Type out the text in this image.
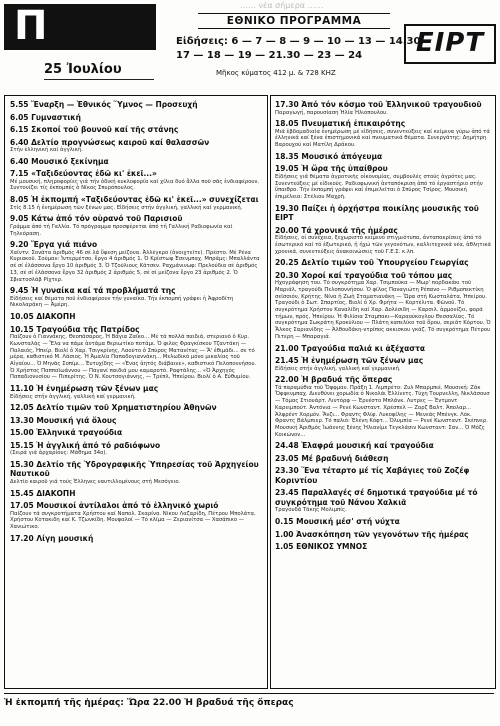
Π
25 Ἰουλίου
…… νέα σήμερα ……
ΕΘΝΙΚΟ ΠΡΟΓΡΑΜΜΑ
Εἰδήσεις: 6 — 7 — 8 — 9 — 10 — 13 — 14.30
17 — 18 — 19 — 21.30 — 23 — 24
Μῆκος κύματος 412 μ. & 728 ΚΗΖ
ΕΙΡΤ
5.55 Ἔναρξη — Ἐθνικός Ὕμνος — Προσευχή
6.05 Γυμναστική
6.15 Σκοποί τοῦ βουνοῦ καί τῆς στάνης
6.40 Δελτίο προγνώσεως καιροῦ καί θαλασσῶν
Στήν ἑλληνική καί ἀγγλική.
6.40 Μουσικό ξεκίνημα
7.15 «Ταξιδεύοντας ἐδῶ κι' ἐκεῖ...»
Μέ μουσική, πληροφορίες γιά τήν ὁδική κυκλοφορία καί χίλια δυό ἄλλα ποῦ σᾶς ἐνδιαφέρουν. Συντονίζει τίς ἐκπομπές ὁ Νίκος Σπυρόπουλος.
8.05 Ἡ ἐκπομπή «Ταξιδεύοντας ἐδῶ κι' ἐκεῖ...» συνεχίζεται
Στίς 8.15 ἡ ἐνημέρωση τῶν ξένων μας. Εἰδήσεις στήν ἀγγλική, γαλλική καί γερμανική.
9.05 Κάτω ἀπό τόν οὐρανό τοῦ Παρισιοῦ
Γράμμα ἀπό τή Γαλλία. Τό πρόγραμμα προσφέρεται ἀπό τή Γαλλική Ραδιοφωνία καί Τηλεόραση.
9.20 Ἔργα γιά πιάνο
Χαϊντν: Σονάτα ἀριθμός 46 σέ λά ὕφεση μείζονα. Ἀλλέγκρο (ἀνοιχτεῖτε). Πρέστο. Μέ Ρένα Κυριακοῦ. Σούμαν: Ἱντερμέτσο, ἔργο 4 ἀριθμός 1. Ὁ Κρίστωφ Ἐσενμπαχ. Μπράμς: Μπαλλάντα σέ σί ἐλάσσονα ἔργο 10 ἀριθμός 3. Ὁ Τζούλιους Κάτσεν. Ραχμάνινωφ: Πρελούδια σέ ἀριθμός 13, σέ σί ἐλάσσονα ἔργο 32 ἀριθμός 2 ἀριθμός 5, σέ σί μείζονα ἔργο 23 ἀριθμός 2. Ὁ Σβιατοσλάβ Ρίχτερ.
9.45 Ἡ γυναίκα καί τά προβλήματά της
Εἰδήσεις καί θέματα ποῦ ἐνδιαφέρουν τήν γυναίκα. Τήν ἐκπομπή γράφει ἡ Ἀφροδίτη Νικολαράκη — Ἀμέρη.
10.05 ΔΙΑΚΟΠΗ
10.15 Τραγούδια τῆς Πατρίδος
Παίζουν ὁ Γιαννάκης, Θεοπάσαρος, Ἡ Βάγια Ζαϊκο... Μέ τά πολλά παιδιά, στεριανό ὁ Κυρ. Κωνσταλάς — Ἔλα να πάμε ἀντάμα θεριωτίκο ποτάμι. Ὁ φιλος Φραγκίσκου Τζαντάκη — Παλαιός, Ἠπείρ. Βιολί ὁ Χαρ. Τσιγκρίνης, Λαούτο ὁ Σπύρος Ματανίτας — Ἄ' ἐθιμάδι... σε τό μέρα, καθιστικό Μ. Λάσιος. Ἡ Ἀμαλία Παπαδογιαννάκη... Μελωδικό μόνο μικαλίας τοῦ Αἰγαίου... Ὁ Μηνᾶς Σοπίμι... Ἐυτυχίδης — «Ἐνας ἀητός διάβαινε», καθιστικό Πελοποννήσου. Ὁ Χρήστος Παππαϊωάννου — Παγανί παιδιά μου καμαροτό. Ραφτάλης... «Ὁ Ἀρχηγός Παπαδιονυσίου — Πιπερίτης. Ὁ Ν. Κουτσογιάννης, — Τρέπλ, Ἡπείρου. Βιολί ὁ Α. Εὐθυμίου.
11.10 Ἡ ἐνημέρωση τῶν ξένων μας
Εἰδήσεις στήν ἀγγλική, γαλλική καί γερμανική.
12.05 Δελτίο τιμῶν τοῦ Χρηματιστηρίου Ἀθηνῶν
13.30 Μουσική γιά ὅλους
15.00 Ἑλληνικά τραγούδια
15.15 Ἡ ἀγγλική ἀπό τό ραδιόφωνο
(Σειρά γιά ἀρχαρίους: Μάθημα 34ο).
15.30 Δελτίο τῆς Ὑδρογραφικῆς Ὑπηρεσίας τοῦ Ἀρχηγείου Ναυτικοῦ
Δελτίο καιροῦ γιά τούς Ἑλληνες ναυτιλλομένους στή Μεσόγειο.
15.45 ΔΙΑΚΟΠΗ
17.05 Μουσικοί ἀντίλαλοι ἀπό τό ἑλληνικό χωριό
Παίζουν τά συγκροτήματα Χρήστου καί Ναπολ. Σκαρίνα. Νίκου Λαζαρίδη, Πέτρου Μπολάτα, Χρήστου Κοτακιδη καί Κ. Τζωνκίδη. Μουφαλοί — Τό κλίμα — Ζεριανίτσα — Χασάπικο — Χανιώτικο.
17.20 Λίγη μουσική
17.30 Ἀπό τόν κόσμο τοῦ Ἑλληνικοῦ τραγουδιοῦ
Παραγωγή, παρουσίαση Ἠλία Ἠλιόπουλου.
18.05 Πνευματική ἐπικαιρότης
Μιά ἑβδομαδιαία ἐνημέρωση μέ εἰδήσεις, συνεντεύξεις καί κείμενα γύρω ἀπό τά ἑλληνικά καί ξένα ἐπιστημονικά καί πνευματικά θέματα. Συνεργάτης: Δημήτρη Βαρουχού καί Ματίλη Δράκου.
18.35 Μουσικό ἀπόγευμα
19.05 Ἡ ὥρα τῆς ὑπαίθρου
Εἰδήσεις γιά θέματα ἀγροτικῆς οἰκονομίας, συμβουλές στούς ἀγρότες μας. Συνεντεύξεις μέ εἰδικούς. Ραδιοφωνική ἀνταπόκριση ἀπό τό ἐργαστήριο στήν ὕπαιθρο. Τήν ἐκπομπή γράφει καί ἐπιμελεῖται ὁ Σπύρος Τσίρος. Μουσική ἐπιμέλεια: Στέλιου Μαχρῆ.
19.30 Παίζει ἡ ὀρχήστρα ποικίλης μουσικῆς τοῦ ΕΙΡΤ
20.00 Τά χρονικά τῆς ἡμέρας
Εἰδήσεις, οἱ συνέχεια, ξεχωριστό κειμενο στιγμιότυπα, ἀνταποκρίσεις ἀπό τό ἐσωτερικό καί τό ἐξωτερικό, ἡ ἠχώ τῶν γεγονότων, καλλιτεχνικά νέα, ἀθλητικά χρονικά, συνεντεύξεις ἀνακοινώσεις τοῦ Γ.Ε.Σ. κ.λπ.
20.25 Δελτίο τιμῶν τοῦ Ὑπουργείου Γεωργίας
20.30 Χοροί καί τραγούδια τοῦ τόπου μας
Ηχογράφηση του. Τό συγκρότημα Χαρ. Τσιμπούκα — Μωρ' πορδακάκι τοῦ Μαριάλ, τραγούδι Πελοποννήσου. Ὁ φίλος Παναγιώτη Ρέπανο — Ριθμοπεκτίκη σεϊσσιόν, Κρήτης. Νίνα ἡ Ζωὴ Σταματιανάκη — Ὥρα στή Κωσταλάτα, Ἠπείρου. Τραγούδι ὁ Σωτ. Σπαρτίος, Βιολί ὁ Χρ. Φρήτα — Κορτέλιτα. Φῶνοῦ. Τό συγκρότημα Χρήστου Καναλίδη καί Χαρ. Δολέσιδη — Καρσιλ. ἁρμονίζει, φορά τήμων, πρός, Ἠπείρου. Ἡ Φιλίσια Σταμπακι—Καραούκογλου Θεσσαλίας. Τό συγκρότημα Σωκράτη Κροκύλιου — Πλάτη καπελίκο τοῦ ὅρου, σεριάτ Κόρτου. Ὁ Ἄλκος Σαριανίδης — Ἀλθουδάκη-ντρίπος ακκισκου γκάζ. Τό συγκρότημα Πέτρου Πιτερη — Μπαραγιά.
21.00 Τραγούδια παλιά κι ἀξέχαστα
21.45 Ἡ ἐνημέρωση τῶν ξένων μας
Εἰδήσεις στήν ἀγγλική, γαλλική καί γερμανική.
22.00 Ἡ βραδυά τῆς ὄπερας
Τά παραμύθια τοῦ Ὄφφμαν. Πράξη 1. Λιμπρέτο: Ζυλ Μπαρμπιέ. Μουσική: Ζάκ Ὄφφενμπαχ. Διευθύνει χορωδία ὁ Νικολάι Ἐλλίνετς. Τύχη Τουρνελλη, Νικλάσουσ — Τόμας Στιουάρτ. Λιντόρφ — Ἐρνέστο Μπλάνκ. Λυτρες — Ἐντμοντ Καρειμπούτ. Ἀντόνια — Ρενέ Κωνσταντ. Χρέσπελ — Ζορζ Βαλτ. Ἀπολαρ... Ἀλφρέντ Χορμόν. Ἄνζι... Φραντς Φλίφ. Λυκοφίλης — Μενεάς Μπένγκ. Λόκ. Φραντς Βάλμπιερ. Τό παλιό: Ἐλένη Κόφτ... Ὀλυμπία — Ρενέ Κωνσταντ. Σκέπνερ. Μουσική Ἀριθμός Ἰωάννης ξένης Ἠλιανίμε Τεγκλάσιν Κωνσταντ: Σαν... Ὁ Μόζς Κοικώνον...
24.48 Ἐλαφρά μουσική καί τραγούδια
23.05 Μέ βραδυνή διάθεση
23.30 Ἕνα τέταρτο μέ τίς Χαβάγιες τοῦ Ζοζέφ Κοριντίου
23.45 Παραλλαγές σέ δημοτικά τραγούδια μέ τό συγκρότημα τοῦ Νάνου Χαλκιᾶ
Τραγουδά Τάκης Μολιμπίς.
0.15 Μουσική μέσ' στή νύχτα
1.00 Ἀνασκόπηση τῶν γεγονότων τῆς ἡμέρας
1.05 ΕΘΝΙΚΟΣ ΥΜΝΟΣ
Ἡ ἐκπομπή τῆς ἡμέρας: Ὥρα 22.00 Ἡ βραδυά τῆς ὄπερας
